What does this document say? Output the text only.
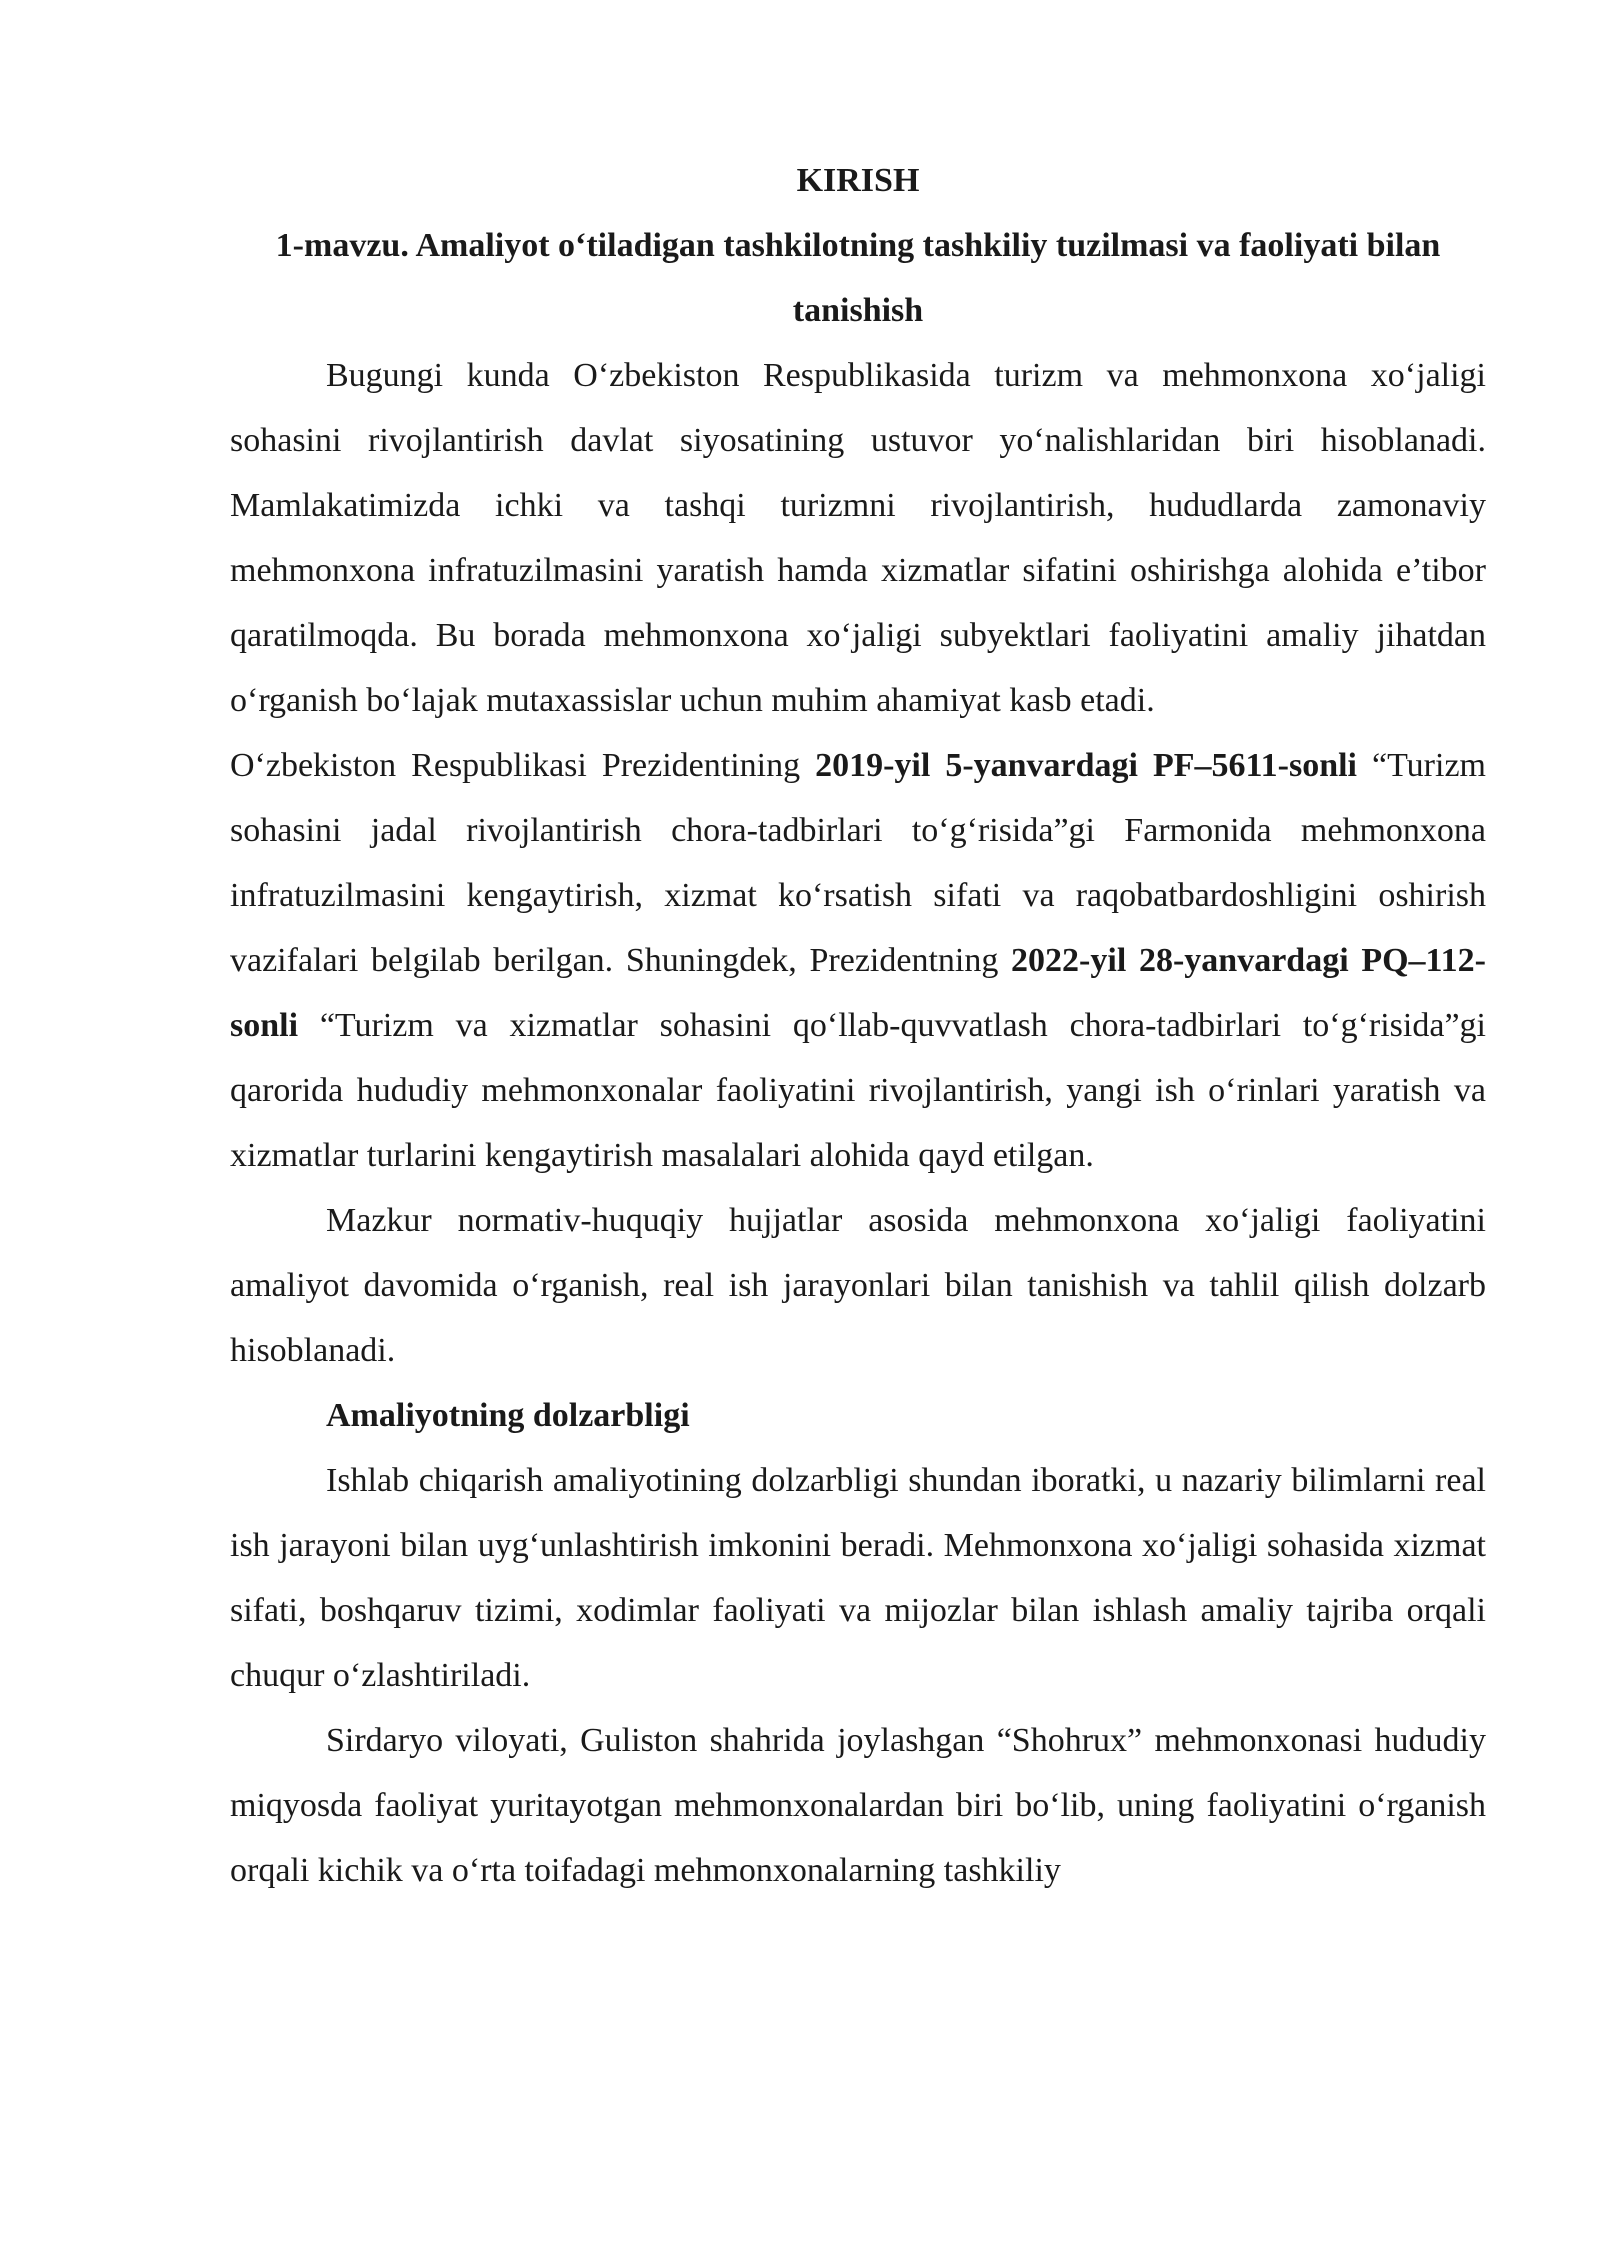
KIRISH

1-mavzu. Amaliyot o‘tiladigan tashkilotning tashkiliy tuzilmasi va faoliyati bilan tanishish

Bugungi kunda O‘zbekiston Respublikasida turizm va mehmonxona xo‘jaligi sohasini rivojlantirish davlat siyosatining ustuvor yo‘nalishlaridan biri hisoblanadi. Mamlakatimizda ichki va tashqi turizmni rivojlantirish, hududlarda zamonaviy mehmonxona infratuzilmasini yaratish hamda xizmatlar sifatini oshirishga alohida e’tibor qaratilmoqda. Bu borada mehmonxona xo‘jaligi subyektlari faoliyatini amaliy jihatdan o‘rganish bo‘lajak mutaxassislar uchun muhim ahamiyat kasb etadi.

O‘zbekiston Respublikasi Prezidentining 2019-yil 5-yanvardagi PF–5611-sonli “Turizm sohasini jadal rivojlantirish chora-tadbirlari to‘g‘risida”gi Farmonida mehmonxona infratuzilmasini kengaytirish, xizmat ko‘rsatish sifati va raqobatbardoshligini oshirish vazifalari belgilab berilgan. Shuningdek, Prezidentning 2022-yil 28-yanvardagi PQ–112-sonli “Turizm va xizmatlar sohasini qo‘llab-quvvatlash chora-tadbirlari to‘g‘risida”gi qarorida hududiy mehmonxonalar faoliyatini rivojlantirish, yangi ish o‘rinlari yaratish va xizmatlar turlarini kengaytirish masalalari alohida qayd etilgan.

Mazkur normativ-huquqiy hujjatlar asosida mehmonxona xo‘jaligi faoliyatini amaliyot davomida o‘rganish, real ish jarayonlari bilan tanishish va tahlil qilish dolzarb hisoblanadi.

Amaliyotning dolzarbligi

Ishlab chiqarish amaliyotining dolzarbligi shundan iboratki, u nazariy bilimlarni real ish jarayoni bilan uyg‘unlashtirish imkonini beradi. Mehmonxona xo‘jaligi sohasida xizmat sifati, boshqaruv tizimi, xodimlar faoliyati va mijozlar bilan ishlash amaliy tajriba orqali chuqur o‘zlashtiriladi.

Sirdaryo viloyati, Guliston shahrida joylashgan “Shohrux” mehmonxonasi hududiy miqyosda faoliyat yuritayotgan mehmonxonalardan biri bo‘lib, uning faoliyatini o‘rganish orqali kichik va o‘rta toifadagi mehmonxonalarning tashkiliy
